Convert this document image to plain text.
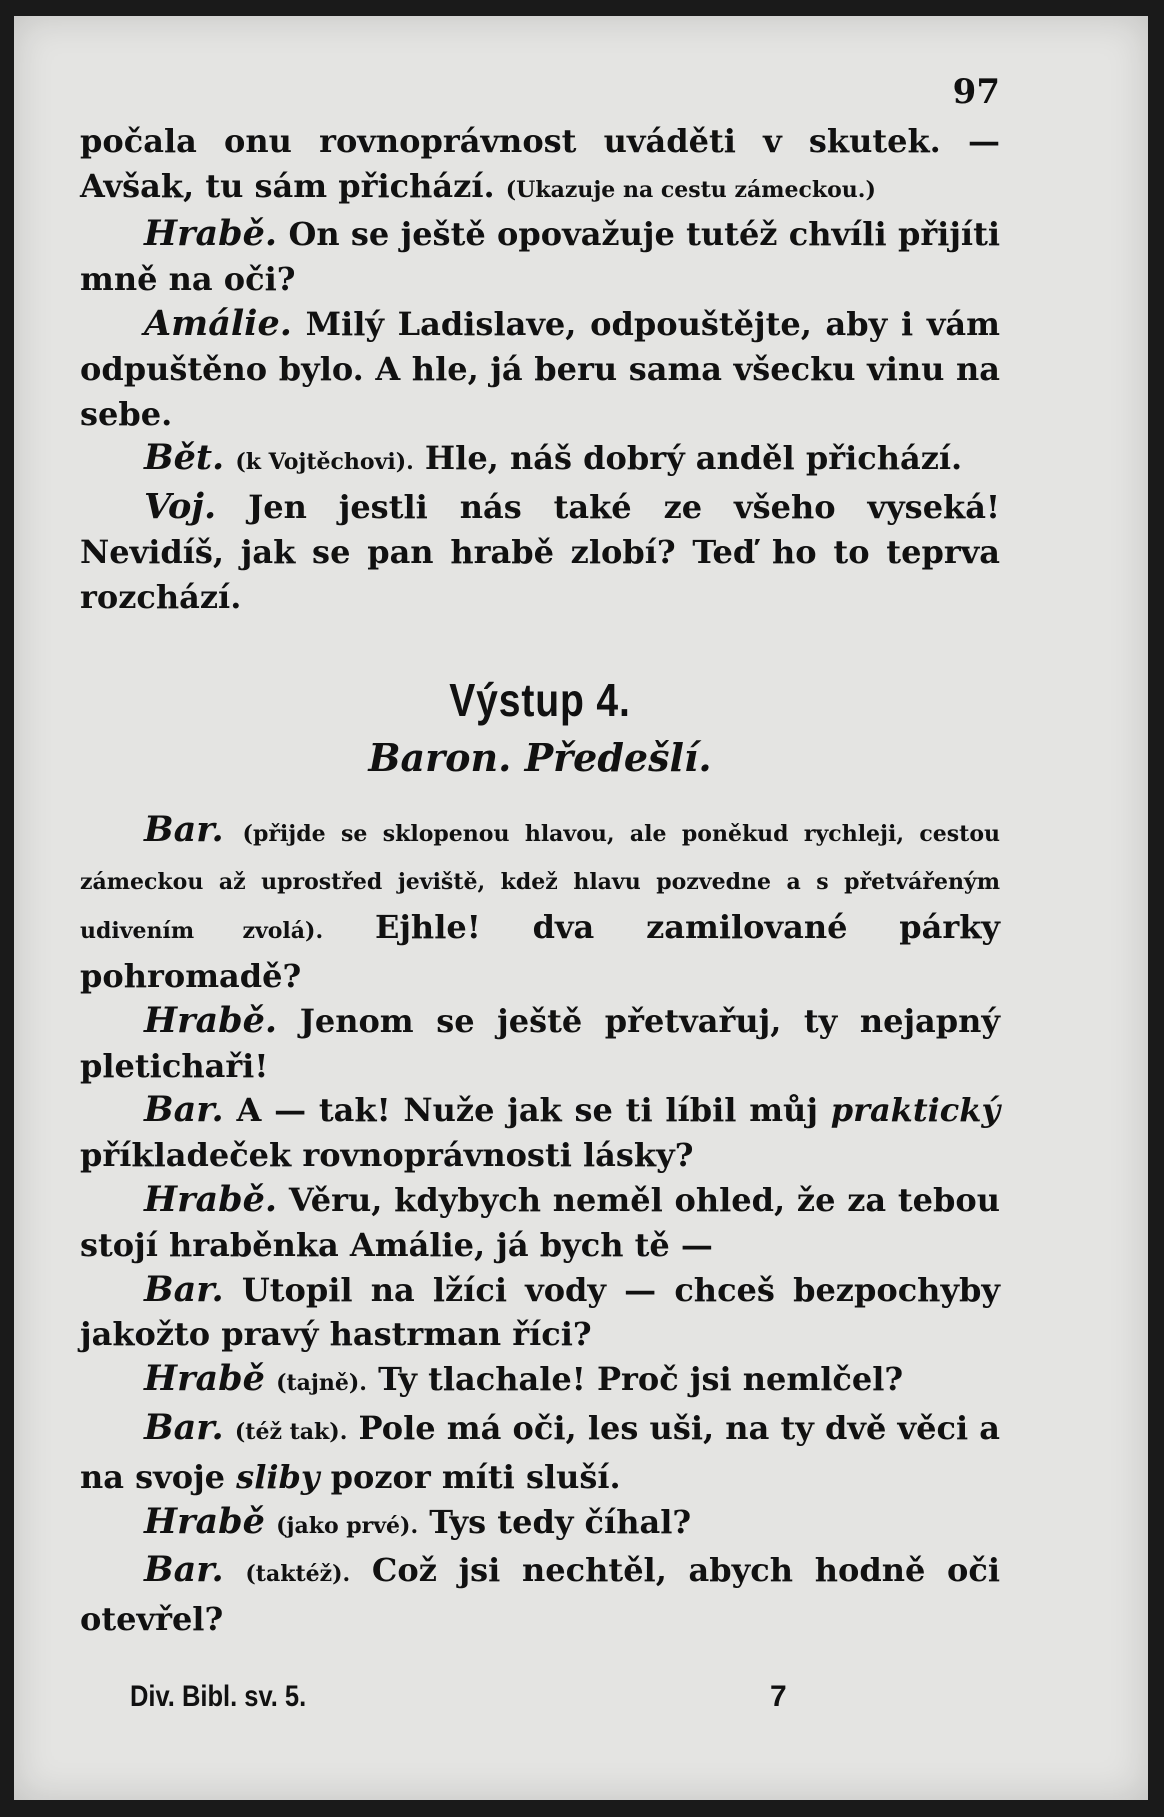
97

počala onu rovnoprávnost uváděti v skutek. — Avšak, tu sám přichází. (Ukazuje na cestu zámeckou.)

Hrabě. On se ještě opovažuje tutéž chvíli přijíti mně na oči?

Amálie. Milý Ladislave, odpouštějte, aby i vám odpuštěno bylo. A hle, já beru sama všecku vinu na sebe.

Bět. (k Vojtěchovi). Hle, náš dobrý anděl přichází.

Voj. Jen jestli nás také ze všeho vyseká! Nevidíš, jak se pan hrabě zlobí? Teď ho to teprva rozchází.

Výstup 4.
Baron. Předešlí.

Bar. (přijde se sklopenou hlavou, ale poněkud rychleji, cestou zámeckou až uprostřed jeviště, kdež hlavu pozvedne a s přetvářeným udivením zvolá). Ejhle! dva zamilované párky pohromadě?

Hrabě. Jenom se ještě přetvařuj, ty nejapný pletichaři!

Bar. A — tak! Nuže jak se ti líbil můj praktický příkladeček rovnoprávnosti lásky?

Hrabě. Věru, kdybych neměl ohled, že za tebou stojí hraběnka Amálie, já bych tě —

Bar. Utopil na lžíci vody — chceš bezpochyby jakožto pravý hastrman říci?

Hrabě (tajně). Ty tlachale! Proč jsi nemlčel?

Bar. (též tak). Pole má oči, les uši, na ty dvě věci a na svoje sliby pozor míti sluší.

Hrabě (jako prvé). Tys tedy číhal?

Bar. (taktéž). Což jsi nechtěl, abych hodně oči otevřel?

Div. Bibl. sv. 5.	7
